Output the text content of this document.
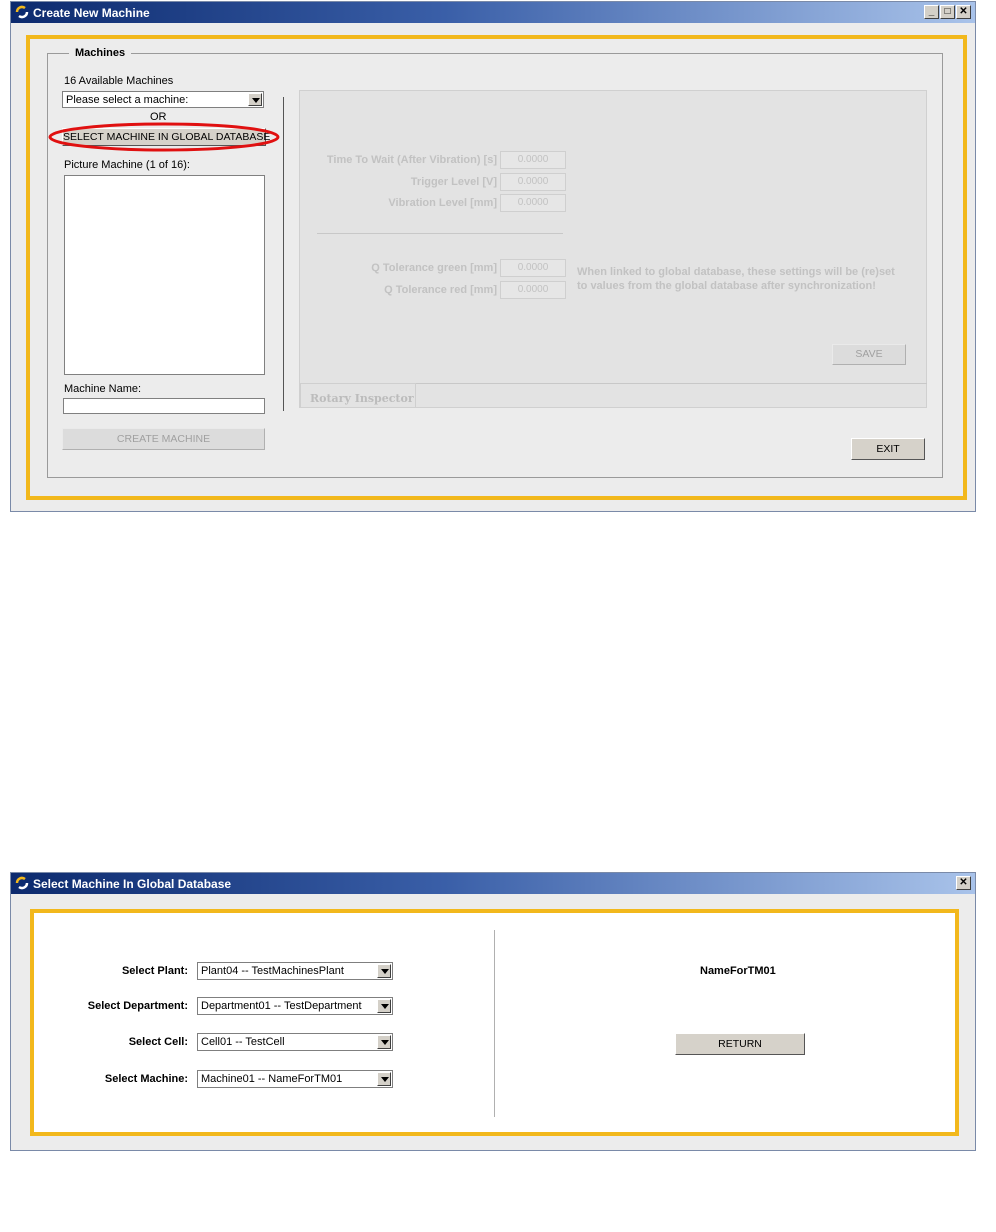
Create New Machine	_	□ ✕
Machines
16 Available Machines
Please select a machine:
OR
SELECT MACHINE IN GLOBAL DATABASE
Picture Machine (1 of 16):
Machine Name:
CREATE MACHINE
Time To Wait (After Vibration) [s]	0.0000
Trigger Level [V]	0.0000
Vibration Level [mm]	0.0000
Q Tolerance green [mm]	0.0000
Q Tolerance red [mm]	0.0000
When linked to global database, these settings will be (re)set
to values from the global database after synchronization!
SAVE
Rotary Inspector
EXIT
Select Machine In Global Database	✕
Select Plant: Plant04 -- TestMachinesPlant
Select Department: Department01 -- TestDepartment
Select Cell: Cell01 -- TestCell
Select Machine: Machine01 -- NameForTM01
NameForTM01
RETURN
